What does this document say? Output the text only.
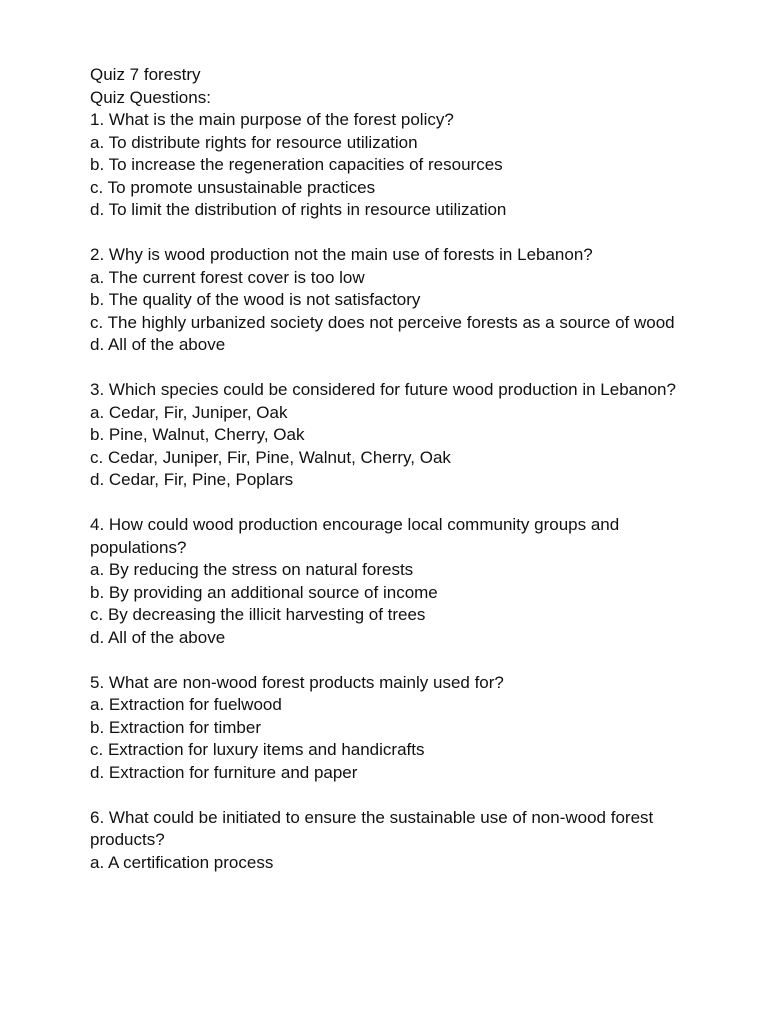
Quiz 7 forestry

Quiz Questions:

1. What is the main purpose of the forest policy?

a. To distribute rights for resource utilization

b. To increase the regeneration capacities of resources

c. To promote unsustainable practices

d. To limit the distribution of rights in resource utilization

2. Why is wood production not the main use of forests in Lebanon?

a. The current forest cover is too low

b. The quality of the wood is not satisfactory

c. The highly urbanized society does not perceive forests as a source of wood

d. All of the above

3. Which species could be considered for future wood production in Lebanon?

a. Cedar, Fir, Juniper, Oak

b. Pine, Walnut, Cherry, Oak

c. Cedar, Juniper, Fir, Pine, Walnut, Cherry, Oak

d. Cedar, Fir, Pine, Poplars

4. How could wood production encourage local community groups and populations?

a. By reducing the stress on natural forests

b. By providing an additional source of income

c. By decreasing the illicit harvesting of trees

d. All of the above

5. What are non-wood forest products mainly used for?

a. Extraction for fuelwood

b. Extraction for timber

c. Extraction for luxury items and handicrafts

d. Extraction for furniture and paper

6. What could be initiated to ensure the sustainable use of non-wood forest products?

a. A certification process
